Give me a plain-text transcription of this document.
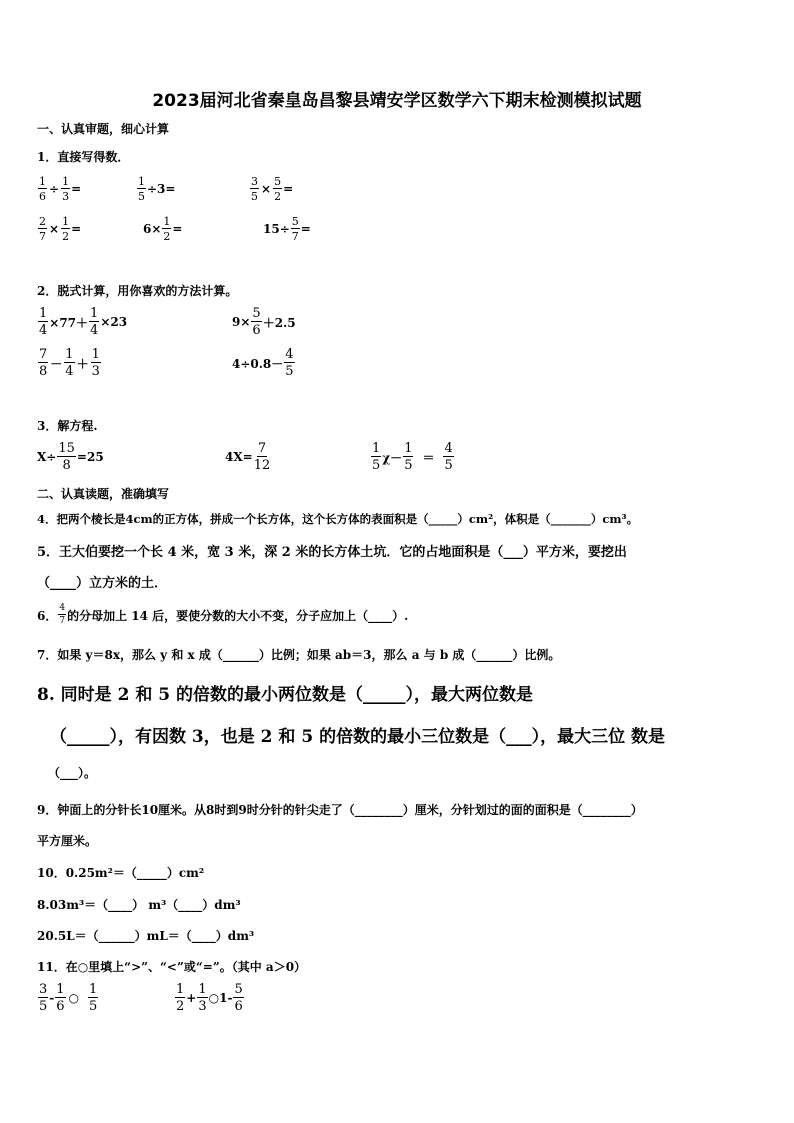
2023届河北省秦皇岛昌黎县靖安学区数学六下期末检测模拟试题
一、认真审题，细心计算
1．直接写得数．
$\frac{1}{6} \div \frac{1}{3}$ =	$\frac{1}{5} \div 3=$	$\frac{3}{5} \times \frac{5}{2}$ =
$\frac{2}{7} \times \frac{1}{2}$ =	$6\times \frac{1}{2}$ =	$15\div \frac{5}{7}$ =
2．脱式计算，用你喜欢的方法计算。
$\frac{1}{4} \times 77+ \frac{1}{4} \times 23$	$9\times \frac{5}{6} +2.5$
$\frac{7}{8} - \frac{1}{4} + \frac{1}{3}$	$4\div 0.8- \frac{4}{5}$
3．解方程.
$X\div \frac{15}{8} =25$	$4X= \frac{7}{12}$	$\frac{1}{5} \chi- \frac{1}{5} = \frac{4}{5}$
二、认真读题，准确填写
4．把两个棱长是4cm的正方体，拼成一个长方体，这个长方体的表面积是（_____）cm²，体积是（_______）cm³。
5．王大伯要挖一个长 4 米，宽 3 米，深 2 米的长方体土坑．它的占地面积是（___）平方米，要挖出
（____）立方米的土．
6． $\frac{4}{7}$ 的分母加上 14 后，要使分数的大小不变，分子应加上（____）.
7．如果 y＝8x，那么 y 和 x 成（______）比例；如果 ab＝3，那么 a 与 b 成（______）比例。
8. 同时是 2 和 5 的倍数的最小两位数是（_____），最大两位数是
（_____），有因数 3，也是 2 和 5 的倍数的最小三位数是（___），最大三位 数是
（___）。
9．钟面上的分针长10厘米。从8时到9时分针的针尖走了（________）厘米，分针划过的面的面积是（________）
平方厘米。
10．0.25m²＝（_____）cm²
8.03m³＝（____） m³（____）dm³
20.5L＝（______）mL＝（____）dm³
11．在○里填上“>”、“<”或“=”。（其中 a＞0）
$\frac{3}{5} - \frac{1}{6}$ ○ $\frac{1}{5}$	$\frac{1}{2} + \frac{1}{3}$ ○1- $\frac{5}{6}$
